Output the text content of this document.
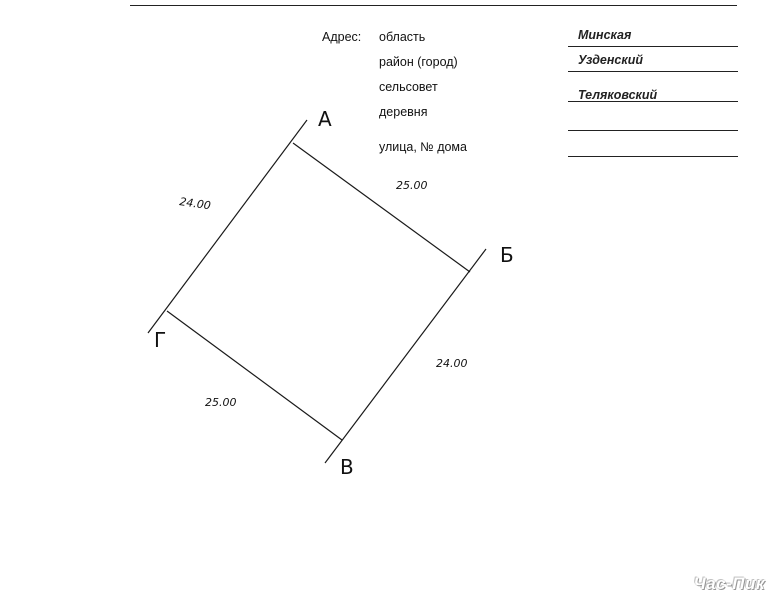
Адрес: область
район (город)
сельсовет
деревня
улица, № дома
Минская
Узденский
Теляковский
А
Б
В
Г
25.00
24.00
25.00
24.00
Час-Пик
